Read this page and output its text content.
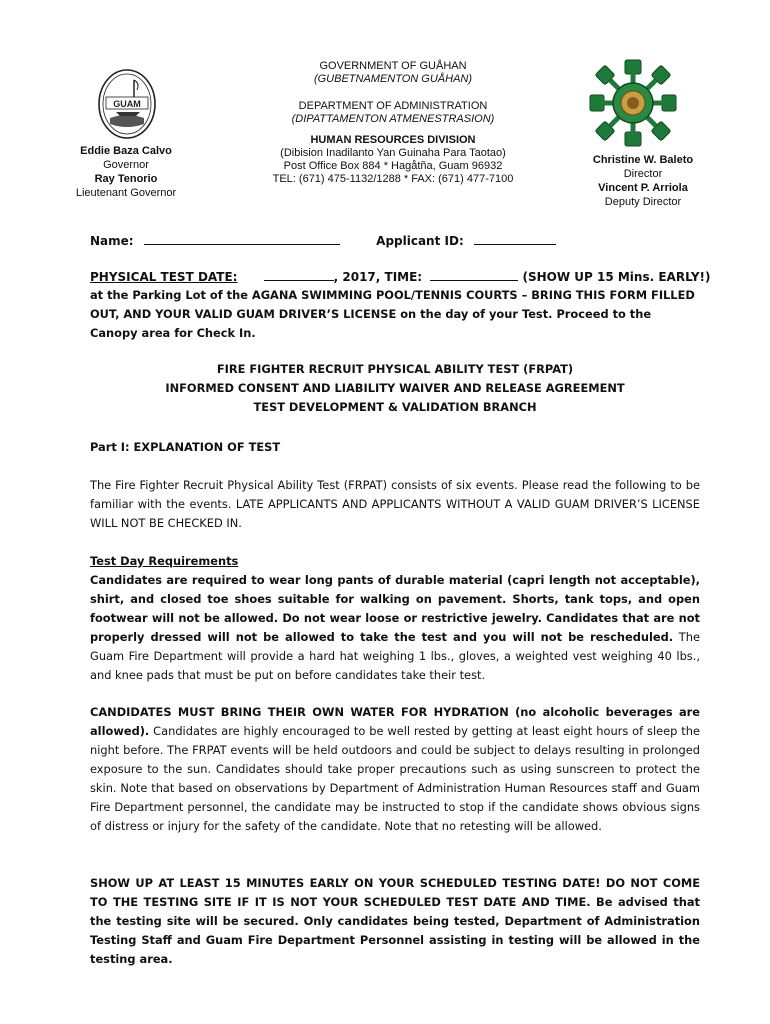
GUAM
Eddie Baza Calvo
Governor
Ray Tenorio
Lieutenant Governor
GOVERNMENT OF GUÅHAN
(GUBETNAMENTON GUÅHAN)
DEPARTMENT OF ADMINISTRATION
(DIPATTAMENTON ATMENESTRASION)
HUMAN RESOURCES DIVISION
(Dibision Inadilanto Yan Guinaha Para Taotao)
Post Office Box 884 * Hagåtña, Guam 96932
TEL: (671) 475-1132/1288 * FAX: (671) 477-7100
Christine W. Baleto
Director
Vincent P. Arriola
Deputy Director
Name:	Applicant ID:
PHYSICAL TEST DATE:	, 2017, TIME:	(SHOW UP 15 Mins. EARLY!)
at the Parking Lot of the AGANA SWIMMING POOL/TENNIS COURTS – BRING THIS FORM FILLED OUT, AND YOUR VALID GUAM DRIVER’S LICENSE on the day of your Test. Proceed to the Canopy area for Check In.
FIRE FIGHTER RECRUIT PHYSICAL ABILITY TEST (FRPAT)
INFORMED CONSENT AND LIABILITY WAIVER AND RELEASE AGREEMENT
TEST DEVELOPMENT & VALIDATION BRANCH
Part I: EXPLANATION OF TEST
The Fire Fighter Recruit Physical Ability Test (FRPAT) consists of six events. Please read the following to be familiar with the events. LATE APPLICANTS AND APPLICANTS WITHOUT A VALID GUAM DRIVER’S LICENSE WILL NOT BE CHECKED IN.
Test Day Requirements
Candidates are required to wear long pants of durable material (capri length not acceptable), shirt, and closed toe shoes suitable for walking on pavement. Shorts, tank tops, and open footwear will not be allowed. Do not wear loose or restrictive jewelry. Candidates that are not properly dressed will not be allowed to take the test and you will not be rescheduled. The Guam Fire Department will provide a hard hat weighing 1 lbs., gloves, a weighted vest weighing 40 lbs., and knee pads that must be put on before candidates take their test.
CANDIDATES MUST BRING THEIR OWN WATER FOR HYDRATION (no alcoholic beverages are allowed). Candidates are highly encouraged to be well rested by getting at least eight hours of sleep the night before. The FRPAT events will be held outdoors and could be subject to delays resulting in prolonged exposure to the sun. Candidates should take proper precautions such as using sunscreen to protect the skin. Note that based on observations by Department of Administration Human Resources staff and Guam Fire Department personnel, the candidate may be instructed to stop if the candidate shows obvious signs of distress or injury for the safety of the candidate. Note that no retesting will be allowed.
SHOW UP AT LEAST 15 MINUTES EARLY ON YOUR SCHEDULED TESTING DATE! DO NOT COME TO THE TESTING SITE IF IT IS NOT YOUR SCHEDULED TEST DATE AND TIME. Be advised that the testing site will be secured. Only candidates being tested, Department of Administration Testing Staff and Guam Fire Department Personnel assisting in testing will be allowed in the testing area.
